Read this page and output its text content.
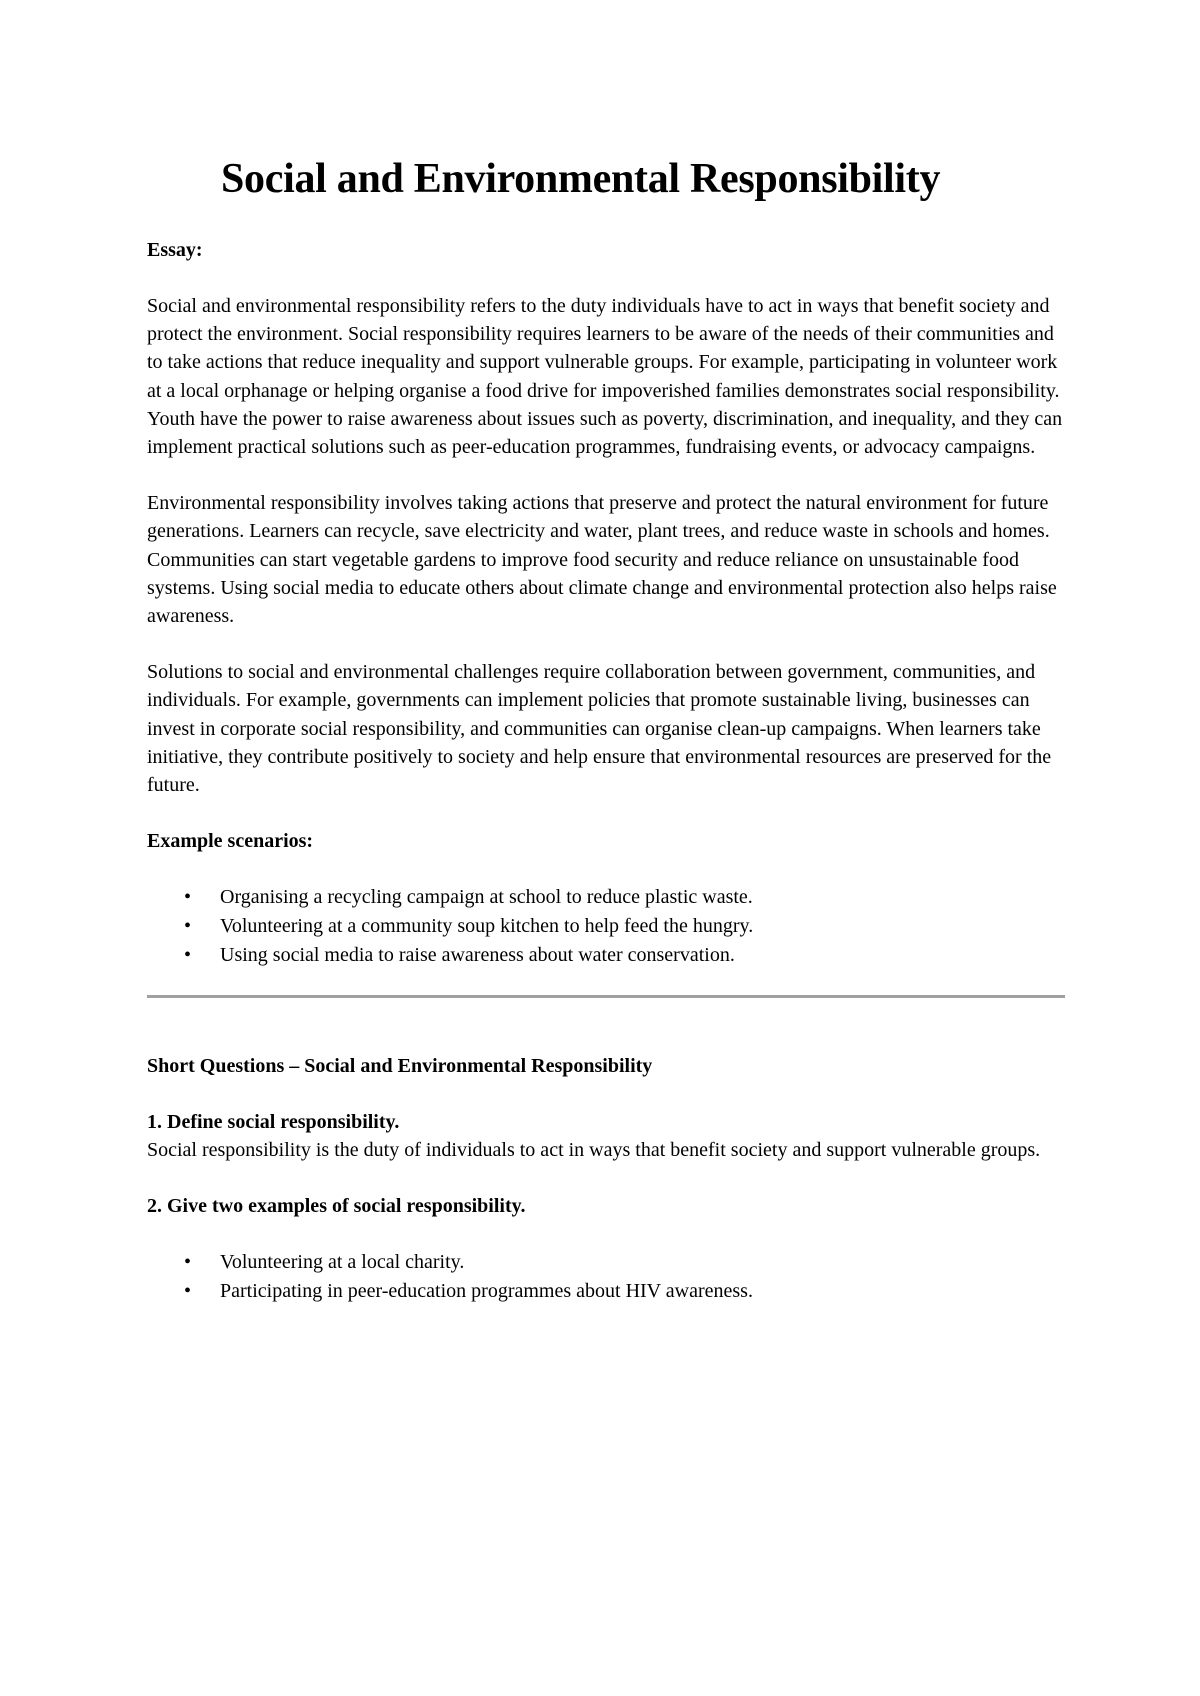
Social and Environmental Responsibility
Essay:

Social and environmental responsibility refers to the duty individuals have to act in ways that benefit society and protect the environment. Social responsibility requires learners to be aware of the needs of their communities and to take actions that reduce inequality and support vulnerable groups. For example, participating in volunteer work at a local orphanage or helping organise a food drive for impoverished families demonstrates social responsibility. Youth have the power to raise awareness about issues such as poverty, discrimination, and inequality, and they can implement practical solutions such as peer-education programmes, fundraising events, or advocacy campaigns.

Environmental responsibility involves taking actions that preserve and protect the natural environment for future generations. Learners can recycle, save electricity and water, plant trees, and reduce waste in schools and homes. Communities can start vegetable gardens to improve food security and reduce reliance on unsustainable food systems. Using social media to educate others about climate change and environmental protection also helps raise awareness.

Solutions to social and environmental challenges require collaboration between government, communities, and individuals. For example, governments can implement policies that promote sustainable living, businesses can invest in corporate social responsibility, and communities can organise clean-up campaigns. When learners take initiative, they contribute positively to society and help ensure that environmental resources are preserved for the future.

Example scenarios:
• Organising a recycling campaign at school to reduce plastic waste.
• Volunteering at a community soup kitchen to help feed the hungry.
• Using social media to raise awareness about water conservation.
Short Questions – Social and Environmental Responsibility
1. Define social responsibility.

Social responsibility is the duty of individuals to act in ways that benefit society and support vulnerable groups.

2. Give two examples of social responsibility.
• Volunteering at a local charity.
• Participating in peer-education programmes about HIV awareness.
